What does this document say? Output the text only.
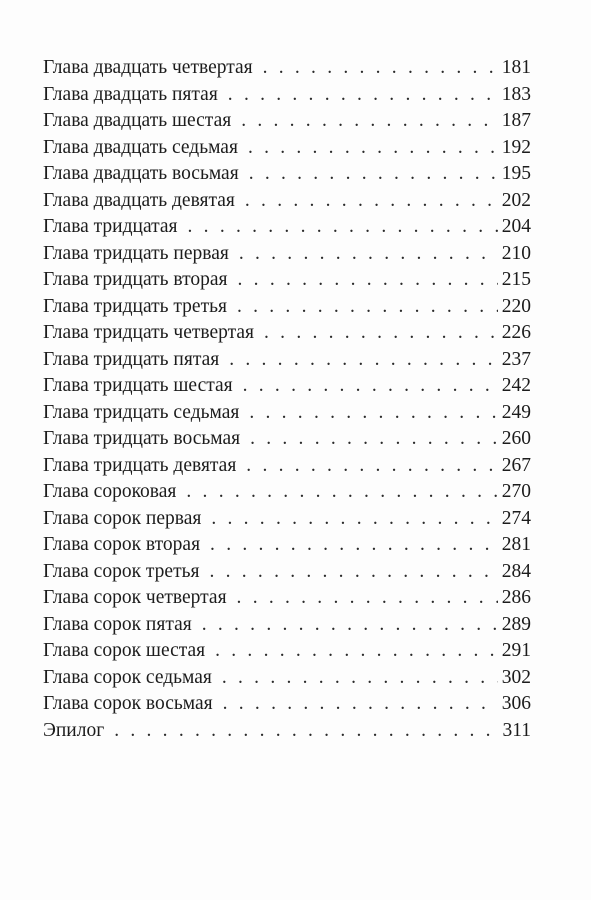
Глава двадцать четвертая . . .	181
Глава двадцать пятая . . .	183
Глава двадцать шестая . . .	187
Глава двадцать седьмая . . .	192
Глава двадцать восьмая . . .	195
Глава двадцать девятая . . .	202
Глава тридцатая . . .	204
Глава тридцать первая . . .	210
Глава тридцать вторая . . .	215
Глава тридцать третья . . .	220
Глава тридцать четвертая . . .	226
Глава тридцать пятая . . .	237
Глава тридцать шестая . . .	242
Глава тридцать седьмая . . .	249
Глава тридцать восьмая . . .	260
Глава тридцать девятая . . .	267
Глава сороковая . . .	270
Глава сорок первая . . .	274
Глава сорок вторая . . .	281
Глава сорок третья . . .	284
Глава сорок четвертая . . .	286
Глава сорок пятая . . .	289
Глава сорок шестая . . .	291
Глава сорок седьмая . . .	302
Глава сорок восьмая . . .	306
Эпилог . . .	311
